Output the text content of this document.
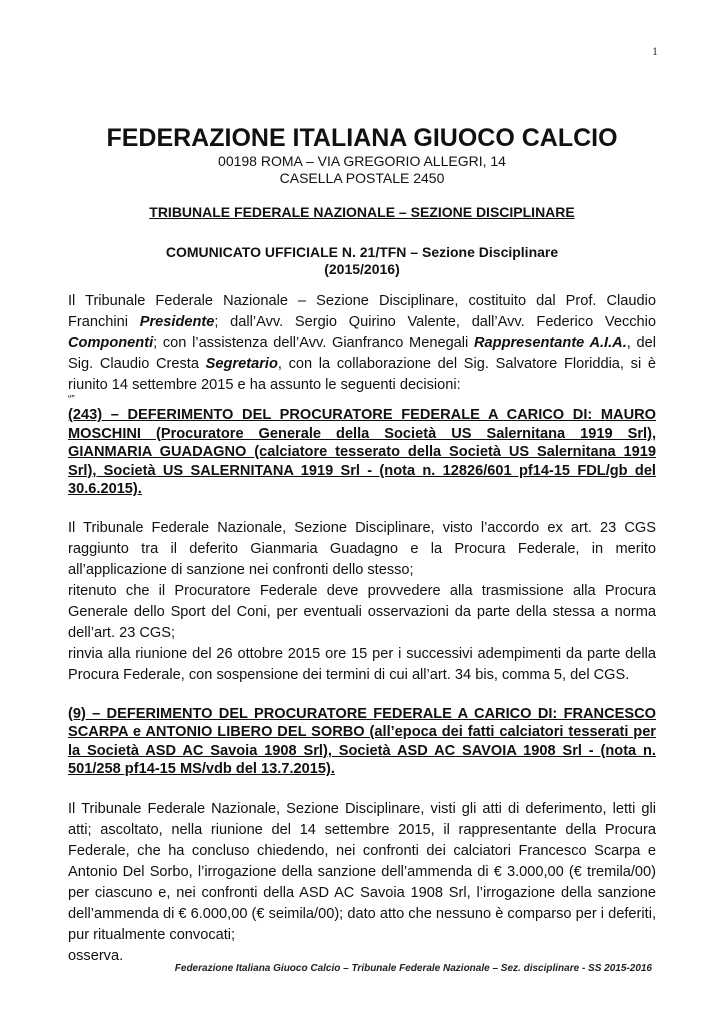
1
FEDERAZIONE ITALIANA GIUOCO CALCIO
00198 ROMA – VIA GREGORIO ALLEGRI, 14
CASELLA POSTALE 2450
TRIBUNALE FEDERALE NAZIONALE – SEZIONE DISCIPLINARE
COMUNICATO UFFICIALE N. 21/TFN – Sezione Disciplinare
(2015/2016)

Il Tribunale Federale Nazionale – Sezione Disciplinare, costituito dal Prof. Claudio Franchini Presidente; dall’Avv. Sergio Quirino Valente, dall’Avv. Federico Vecchio Componenti; con l’assistenza dell’Avv. Gianfranco Menegali Rappresentante A.I.A., del Sig. Claudio Cresta Segretario, con la collaborazione del Sig. Salvatore Floriddia, si è riunito 14 settembre 2015 e ha assunto le seguenti decisioni:

“”
(243) – DEFERIMENTO DEL PROCURATORE FEDERALE A CARICO DI: MAURO MOSCHINI (Procuratore Generale della Società US Salernitana 1919 Srl), GIANMARIA GUADAGNO (calciatore tesserato della Società US Salernitana 1919 Srl), Società US SALERNITANA 1919 Srl - (nota n. 12826/601 pf14-15 FDL/gb del 30.6.2015).

Il Tribunale Federale Nazionale, Sezione Disciplinare, visto l’accordo ex art. 23 CGS raggiunto tra il deferito Gianmaria Guadagno e la Procura Federale, in merito all’applicazione di sanzione nei confronti dello stesso;

ritenuto che il Procuratore Federale deve provvedere alla trasmissione alla Procura Generale dello Sport del Coni, per eventuali osservazioni da parte della stessa a norma dell’art. 23 CGS;

rinvia alla riunione del 26 ottobre 2015 ore 15 per i successivi adempimenti da parte della Procura Federale, con sospensione dei termini di cui all’art. 34 bis, comma 5, del CGS.

(9) – DEFERIMENTO DEL PROCURATORE FEDERALE A CARICO DI: FRANCESCO SCARPA e ANTONIO LIBERO DEL SORBO (all’epoca dei fatti calciatori tesserati per la Società ASD AC Savoia 1908 Srl), Società ASD AC SAVOIA 1908 Srl - (nota n. 501/258 pf14-15 MS/vdb del 13.7.2015).

Il Tribunale Federale Nazionale, Sezione Disciplinare, visti gli atti di deferimento, letti gli atti; ascoltato, nella riunione del 14 settembre 2015, il rappresentante della Procura Federale, che ha concluso chiedendo, nei confronti dei calciatori Francesco Scarpa e Antonio Del Sorbo, l’irrogazione della sanzione dell’ammenda di € 3.000,00 (€ tremila/00) per ciascuno e, nei confronti della ASD AC Savoia 1908 Srl, l’irrogazione della sanzione dell’ammenda di € 6.000,00 (€ seimila/00); dato atto che nessuno è comparso per i deferiti, pur ritualmente convocati;

osserva.

Federazione Italiana Giuoco Calcio – Tribunale Federale Nazionale – Sez. disciplinare - SS 2015-2016
